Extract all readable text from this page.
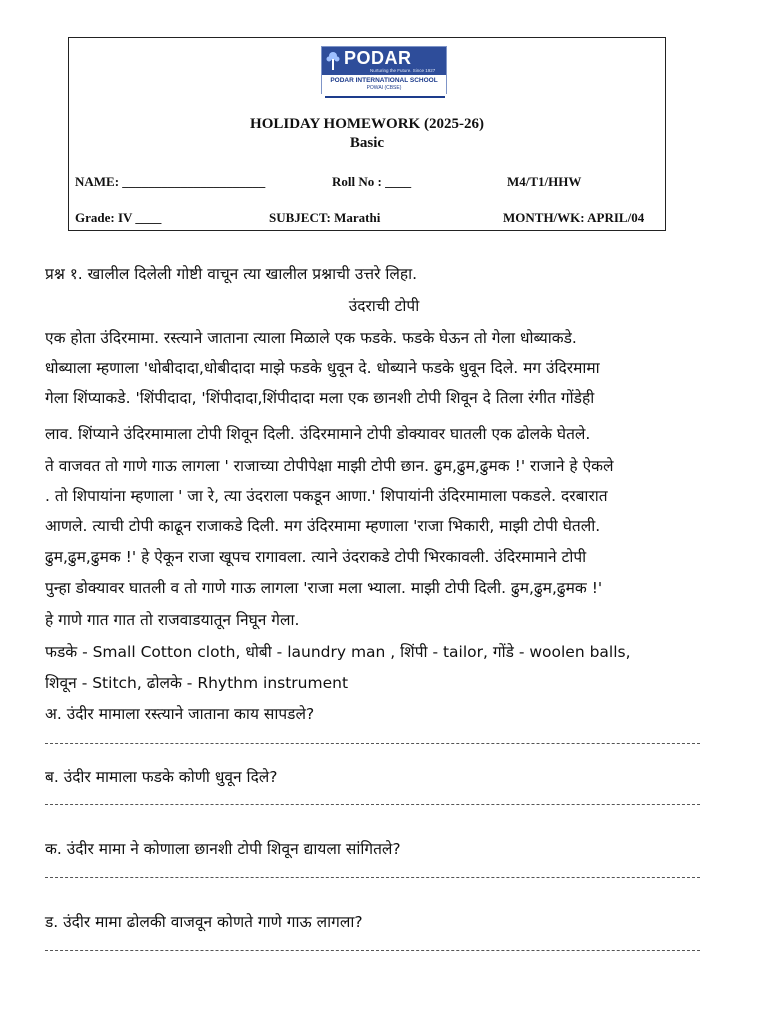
PODAR
Nurturing the Future. Since 1927
PODAR INTERNATIONAL SCHOOL
POWAI (CBSE)
HOLIDAY HOMEWORK (2025-26)
Basic
NAME: ______________________	Roll No : ____	M4/T1/HHW
Grade: IV ____	SUBJECT: Marathi	MONTH/WK: APRIL/04
प्रश्न १. खालील दिलेली गोष्टी वाचून त्या खालील प्रश्नाची उत्तरे लिहा.
उंदराची टोपी
एक होता उंदिरमामा. रस्त्याने जाताना त्याला मिळाले एक फडके. फडके घेऊन तो गेला धोब्याकडे.
धोब्याला म्हणाला 'धोबीदादा,धोबीदादा माझे फडके धुवून दे. धोब्याने फडके धुवून दिले. मग उंदिरमामा
गेला शिंप्याकडे. 'शिंपीदादा, 'शिंपीदादा,शिंपीदादा मला एक छानशी टोपी शिवून दे तिला रंगीत गोंडेही
लाव. शिंप्याने उंदिरमामाला टोपी शिवून दिली. उंदिरमामाने टोपी डोक्यावर घातली एक ढोलके घेतले.
ते वाजवत तो गाणे गाऊ लागला ' राजाच्या टोपीपेक्षा माझी टोपी छान. ढुम,ढुम,ढुमक !' राजाने हे ऐकले
. तो शिपायांना म्हणाला ' जा रे, त्या उंदराला पकडून आणा.' शिपायांनी उंदिरमामाला पकडले. दरबारात
आणले. त्याची टोपी काढून राजाकडे दिली. मग उंदिरमामा म्हणाला 'राजा भिकारी, माझी टोपी घेतली.
ढुम,ढुम,ढुमक !' हे ऐकून राजा खूपच रागावला. त्याने उंदराकडे टोपी भिरकावली. उंदिरमामाने टोपी
पुन्हा डोक्यावर घातली व तो गाणे गाऊ लागला 'राजा मला भ्याला. माझी टोपी दिली. ढुम,ढुम,ढुमक !'
हे गाणे गात गात तो राजवाडयातून निघून गेला.
फडके - Small Cotton cloth, धोबी - laundry man , शिंपी - tailor, गोंडे - woolen balls,
शिवून - Stitch, ढोलके - Rhythm instrument
अ. उंदीर मामाला रस्त्याने जाताना काय सापडले?
ब. उंदीर मामाला फडके कोणी धुवून दिले?
क. उंदीर मामा ने कोणाला छानशी टोपी शिवून द्यायला सांगितले?
ड. उंदीर मामा ढोलकी वाजवून कोणते गाणे गाऊ लागला?
